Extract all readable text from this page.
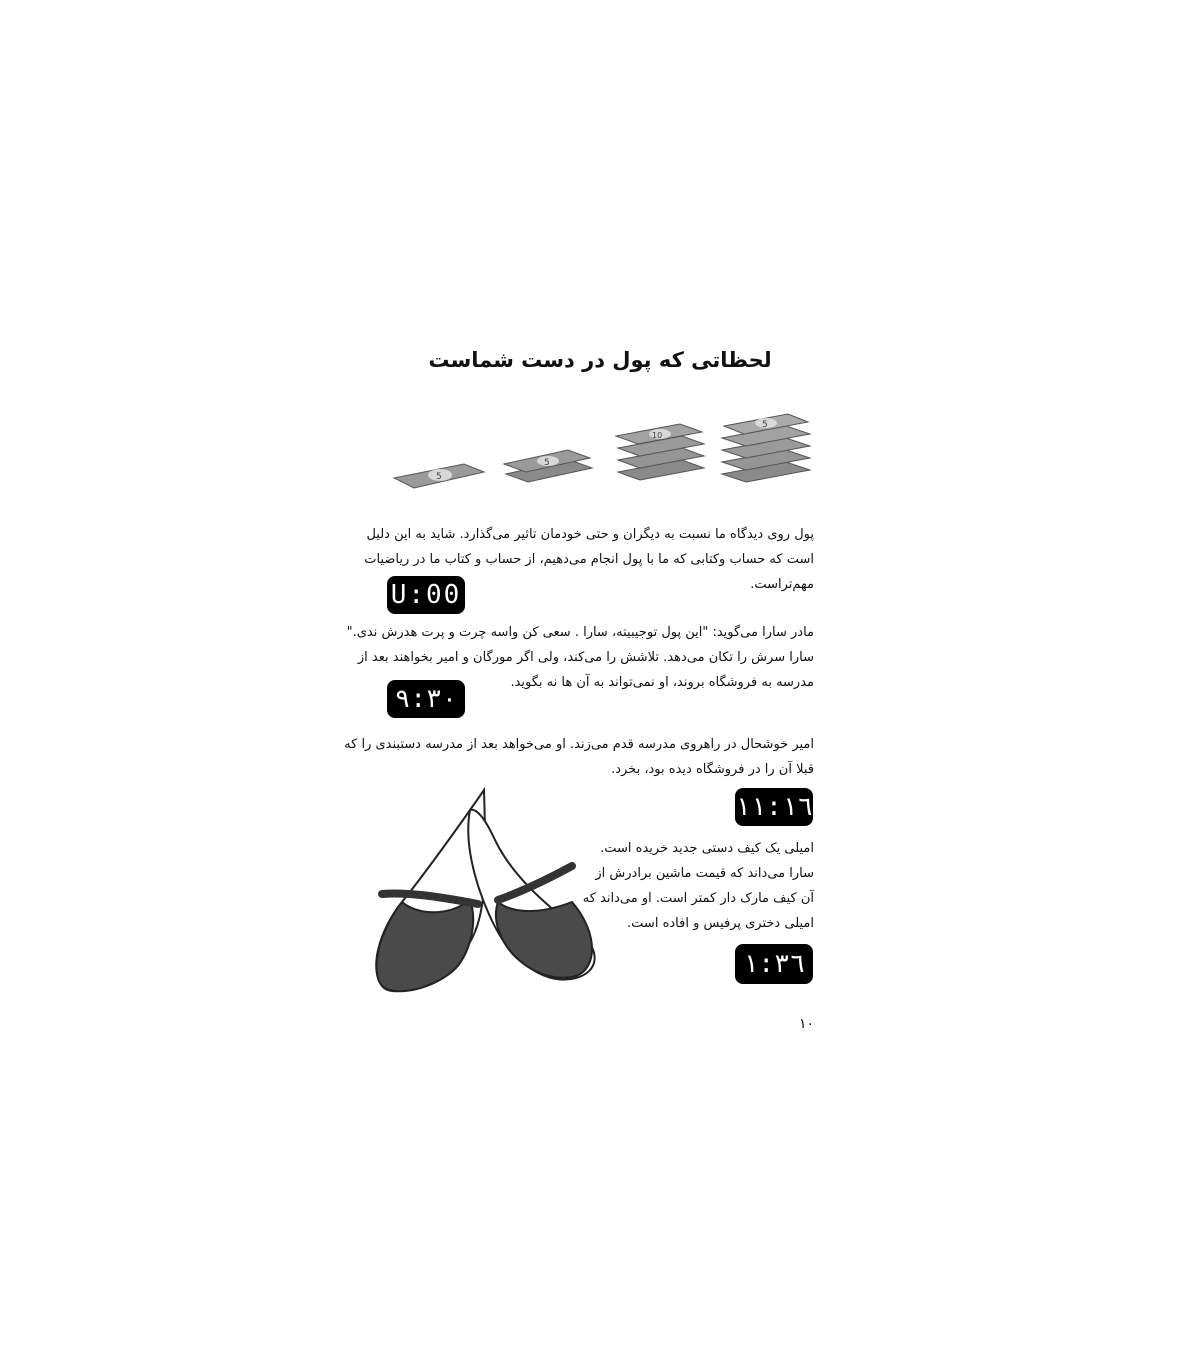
لحظاتی که پول در دست شماست
5
5
10
5
پول روی دیدگاه ما نسبت به دیگران و حتی خودمان تاثیر می‌گذارد. شاید به این دلیل
است که حساب وکتابی که ما با پول انجام می‌دهیم، از حساب و کتاب ما در ریاضیات
مهم‌تراست.
U:00
مادر سارا می‌گوید: "این پول توجیبیته، سارا . سعی کن واسه چرت و پرت هدرش ندی."
سارا سرش را تکان می‌دهد. تلاشش را می‌کند، ولی اگر مورگان و امیر بخواهند بعد از
مدرسه به فروشگاه بروند، او نمی‌تواند به آن ها نه بگوید.
٩:٣٠
امیر خوشحال در راهروی مدرسه قدم می‌زند. او می‌خواهد بعد از مدرسه دستبندی را که
قبلا آن را در فروشگاه دیده بود، بخرد.
١١:١٦
امیلی یک کیف دستی جدید خریده است.
سارا می‌داند که قیمت ماشین برادرش از
آن کیف مارک دار کمتر است. او می‌داند که
امیلی دختری پرفیس و افاده است.
١:٣٦
۱۰
